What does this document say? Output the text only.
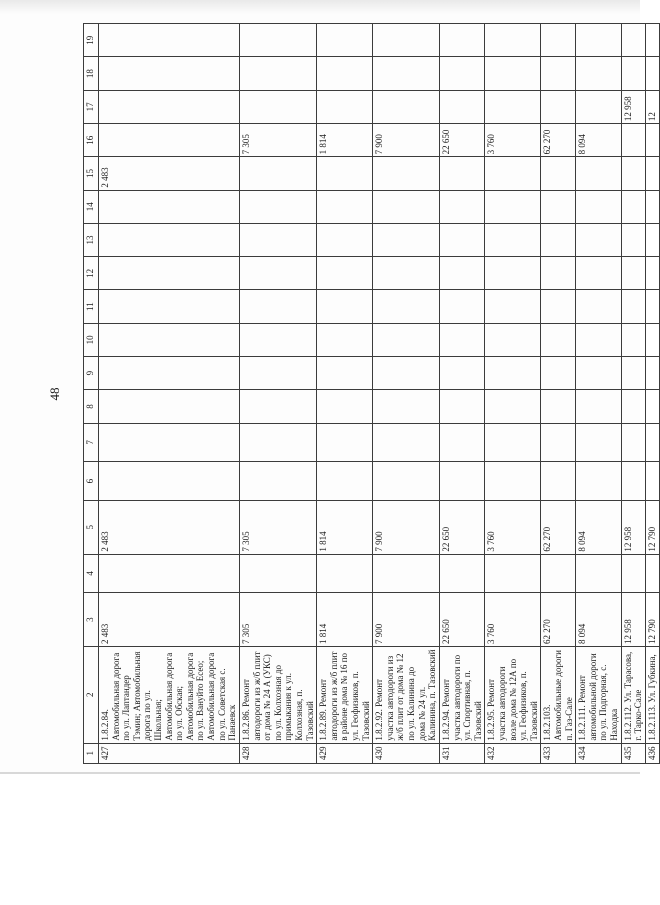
48
1	2	3	4	5	6	7	8	9	10	11	12	13	14	15	16	17	18	19
427	1.8.2.84. Автомобильная дорога по ул. Лаптандер Тэмин; Автомобильная дорога по ул. Школьная; Автомобильная дорога по ул. Обская; Автомобильная дорога по ул. Вануйто Есео; Автомобильная дорога по ул. Советская с. Панаевск	2 483		2 483										2 483				
428	1.8.2.86. Ремонт автодороги из ж/б плит от дома № 24 А (УКС) по ул. Колхозная до примыкания к ул. Колхозная, п. Тазовский	7 305		7 305											7 305			
429	1.8.2.89. Ремонт автодороги из ж/б плит в районе дома № 16 по ул. Геофизиков, п. Тазовский	1 814		1 814											1 814			
430	1.8.2.92. Ремонт участка автодороги из ж/б плит от дома № 12 по ул. Калинина до дома № 24 ул. Калинина, п. Тазовский	7 900		7 900											7 900			
431	1.8.2.94. Ремонт участка автодороги по ул. Спортивная, п. Тазовский	22 650		22 650											22 650			
432	1.8.2.95. Ремонт участка автодороги возле дома № 12А по ул. Геофизиков, п. Тазовский	3 760		3 760											3 760			
433	1.8.2.103. Автомобильные дороги п. Газ-Сале	62 270		62 270											62 270			
434	1.8.2.111. Ремонт автомобильной дороги по ул. Подгорная, с. Находка	8 094		8 094											8 094			
435	1.8.2.112. Ул. Тарасова, г. Тарко-Сале	12 958		12 958												12 958		
436	1.8.2.113. Ул. Губкина,	12 790		12 790												12		
